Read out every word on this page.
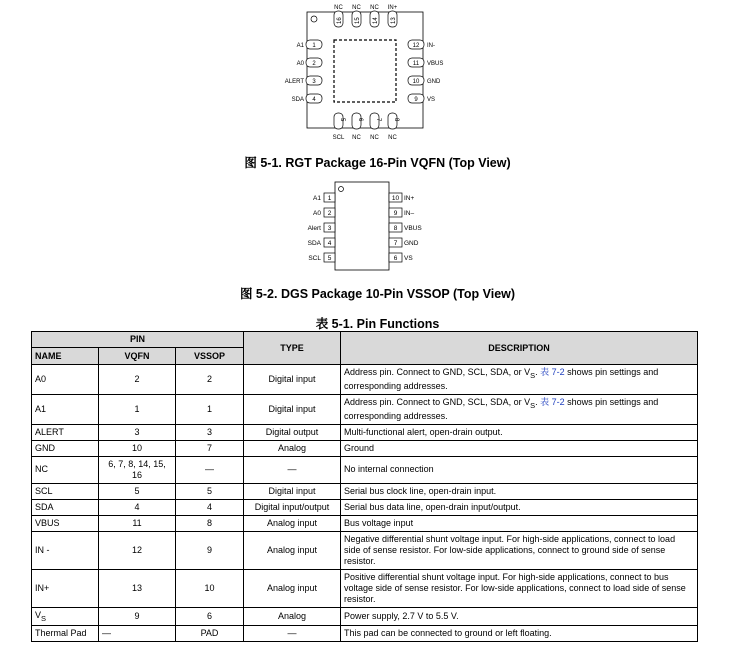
16
NC
15
NC
14
NC
13
IN+
1
A1
2
A0
3
ALERT
4
SDA
12 IN-
11 VBUS
10 GND
9 VS
5
SCL
6
NC
7
NC
8
NC
图 5-1. RGT Package 16-Pin VQFN (Top View)
1
A1
2
A0
3
Alert
4
SDA
5
SCL
10 IN+
9 IN–
8 VBUS
7 GND
6 VS
图 5-2. DGS Package 10-Pin VSSOP (Top View)
表 5-1. Pin Functions
PIN			TYPE	DESCRIPTION
NAME	VQFN	VSSOP		
A0	2	2	Digital input	Address pin. Connect to GND, SCL, SDA, or $V_S$. 表 7-2 shows pin settings and corresponding addresses.
A1	1	1	Digital input	Address pin. Connect to GND, SCL, SDA, or $V_S$. 表 7-2 shows pin settings and corresponding addresses.
ALERT	3	3	Digital output	Multi-functional alert, open-drain output.
GND	10	7	Analog	Ground
NC	6, 7, 8, 14, 15, 16	—	—	No internal connection
SCL	5	5	Digital input	Serial bus clock line, open-drain input.
SDA	4	4	Digital input/output	Serial bus data line, open-drain input/output.
VBUS	11	8	Analog input	Bus voltage input
IN -	12	9	Analog input	Negative differential shunt voltage input. For high-side applications, connect to load side of sense resistor. For low-side applications, connect to ground side of sense resistor.
IN+	13	10	Analog input	Positive differential shunt voltage input. For high-side applications, connect to bus voltage side of sense resistor. For low-side applications, connect to load side of sense resistor.
$V_S$	9	6	Analog	Power supply, 2.7 V to 5.5 V.
Thermal Pad	—	PAD	—	This pad can be connected to ground or left floating.
